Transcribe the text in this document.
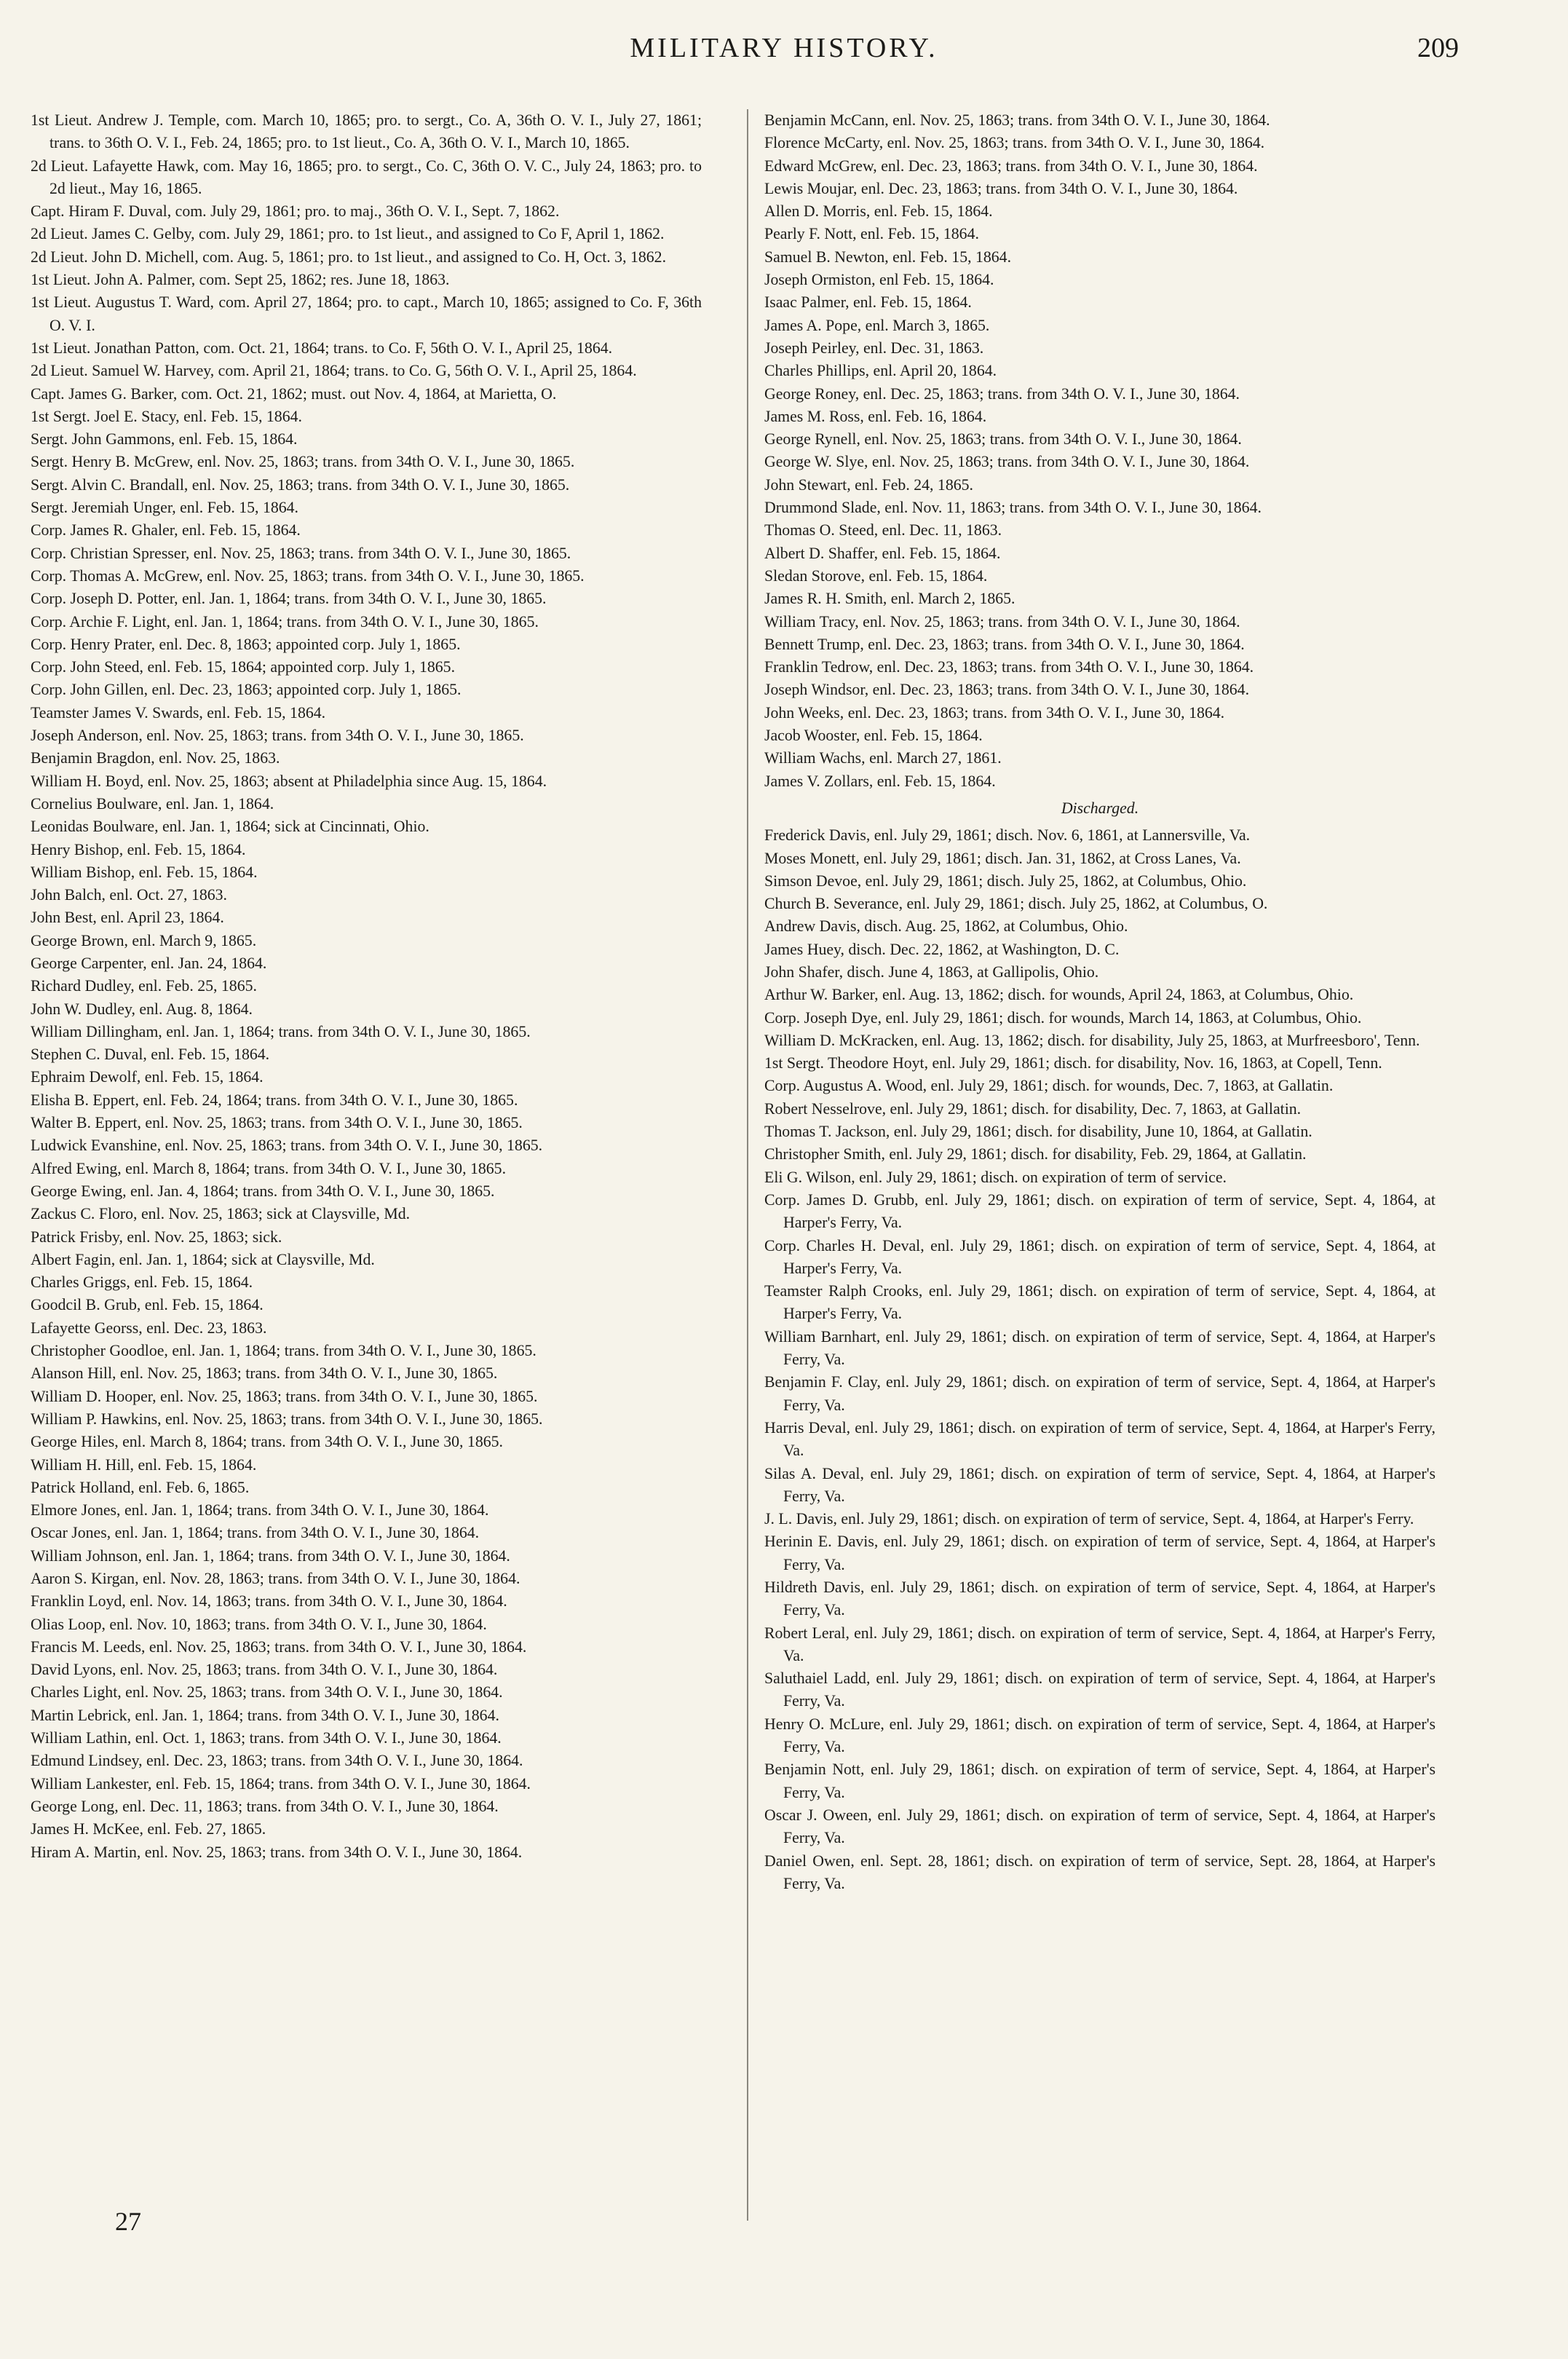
MILITARY HISTORY.	209
1st Lieut. Andrew J. Temple, com. March 10, 1865; pro. to sergt., Co. A, 36th O. V. I., July 27, 1861; trans. to 36th O. V. I., Feb. 24, 1865; pro. to 1st lieut., Co. A, 36th O. V. I., March 10, 1865.
2d Lieut. Lafayette Hawk, com. May 16, 1865; pro. to sergt., Co. C, 36th O. V. C., July 24, 1863; pro. to 2d lieut., May 16, 1865.
Capt. Hiram F. Duval, com. July 29, 1861; pro. to maj., 36th O. V. I., Sept. 7, 1862.
2d Lieut. James C. Gelby, com. July 29, 1861; pro. to 1st lieut., and assigned to Co F, April 1, 1862.
2d Lieut. John D. Michell, com. Aug. 5, 1861; pro. to 1st lieut., and assigned to Co. H, Oct. 3, 1862.
1st Lieut. John A. Palmer, com. Sept 25, 1862; res. June 18, 1863.
1st Lieut. Augustus T. Ward, com. April 27, 1864; pro. to capt., March 10, 1865; assigned to Co. F, 36th O. V. I.
1st Lieut. Jonathan Patton, com. Oct. 21, 1864; trans. to Co. F, 56th O. V. I., April 25, 1864.
2d Lieut. Samuel W. Harvey, com. April 21, 1864; trans. to Co. G, 56th O. V. I., April 25, 1864.
Capt. James G. Barker, com. Oct. 21, 1862; must. out Nov. 4, 1864, at Marietta, O.
1st Sergt. Joel E. Stacy, enl. Feb. 15, 1864.
Sergt. John Gammons, enl. Feb. 15, 1864.
Sergt. Henry B. McGrew, enl. Nov. 25, 1863; trans. from 34th O. V. I., June 30, 1865.
Sergt. Alvin C. Brandall, enl. Nov. 25, 1863; trans. from 34th O. V. I., June 30, 1865.
Sergt. Jeremiah Unger, enl. Feb. 15, 1864.
Corp. James R. Ghaler, enl. Feb. 15, 1864.
Corp. Christian Spresser, enl. Nov. 25, 1863; trans. from 34th O. V. I., June 30, 1865.
Corp. Thomas A. McGrew, enl. Nov. 25, 1863; trans. from 34th O. V. I., June 30, 1865.
Corp. Joseph D. Potter, enl. Jan. 1, 1864; trans. from 34th O. V. I., June 30, 1865.
Corp. Archie F. Light, enl. Jan. 1, 1864; trans. from 34th O. V. I., June 30, 1865.
Corp. Henry Prater, enl. Dec. 8, 1863; appointed corp. July 1, 1865.
Corp. John Steed, enl. Feb. 15, 1864; appointed corp. July 1, 1865.
Corp. John Gillen, enl. Dec. 23, 1863; appointed corp. July 1, 1865.
Teamster James V. Swards, enl. Feb. 15, 1864.
Joseph Anderson, enl. Nov. 25, 1863; trans. from 34th O. V. I., June 30, 1865.
Benjamin Bragdon, enl. Nov. 25, 1863.
William H. Boyd, enl. Nov. 25, 1863; absent at Philadelphia since Aug. 15, 1864.
Cornelius Boulware, enl. Jan. 1, 1864.
Leonidas Boulware, enl. Jan. 1, 1864; sick at Cincinnati, Ohio.
Henry Bishop, enl. Feb. 15, 1864.
William Bishop, enl. Feb. 15, 1864.
John Balch, enl. Oct. 27, 1863.
John Best, enl. April 23, 1864.
George Brown, enl. March 9, 1865.
George Carpenter, enl. Jan. 24, 1864.
Richard Dudley, enl. Feb. 25, 1865.
John W. Dudley, enl. Aug. 8, 1864.
William Dillingham, enl. Jan. 1, 1864; trans. from 34th O. V. I., June 30, 1865.
Stephen C. Duval, enl. Feb. 15, 1864.
Ephraim Dewolf, enl. Feb. 15, 1864.
Elisha B. Eppert, enl. Feb. 24, 1864; trans. from 34th O. V. I., June 30, 1865.
Walter B. Eppert, enl. Nov. 25, 1863; trans. from 34th O. V. I., June 30, 1865.
Ludwick Evanshine, enl. Nov. 25, 1863; trans. from 34th O. V. I., June 30, 1865.
Alfred Ewing, enl. March 8, 1864; trans. from 34th O. V. I., June 30, 1865.
George Ewing, enl. Jan. 4, 1864; trans. from 34th O. V. I., June 30, 1865.
Zackus C. Floro, enl. Nov. 25, 1863; sick at Claysville, Md.
Patrick Frisby, enl. Nov. 25, 1863; sick.
Albert Fagin, enl. Jan. 1, 1864; sick at Claysville, Md.
Charles Griggs, enl. Feb. 15, 1864.
Goodcil B. Grub, enl. Feb. 15, 1864.
Lafayette Georss, enl. Dec. 23, 1863.
Christopher Goodloe, enl. Jan. 1, 1864; trans. from 34th O. V. I., June 30, 1865.
Alanson Hill, enl. Nov. 25, 1863; trans. from 34th O. V. I., June 30, 1865.
William D. Hooper, enl. Nov. 25, 1863; trans. from 34th O. V. I., June 30, 1865.
William P. Hawkins, enl. Nov. 25, 1863; trans. from 34th O. V. I., June 30, 1865.
George Hiles, enl. March 8, 1864; trans. from 34th O. V. I., June 30, 1865.
William H. Hill, enl. Feb. 15, 1864.
Patrick Holland, enl. Feb. 6, 1865.
Elmore Jones, enl. Jan. 1, 1864; trans. from 34th O. V. I., June 30, 1864.
Oscar Jones, enl. Jan. 1, 1864; trans. from 34th O. V. I., June 30, 1864.
William Johnson, enl. Jan. 1, 1864; trans. from 34th O. V. I., June 30, 1864.
Aaron S. Kirgan, enl. Nov. 28, 1863; trans. from 34th O. V. I., June 30, 1864.
Franklin Loyd, enl. Nov. 14, 1863; trans. from 34th O. V. I., June 30, 1864.
Olias Loop, enl. Nov. 10, 1863; trans. from 34th O. V. I., June 30, 1864.
Francis M. Leeds, enl. Nov. 25, 1863; trans. from 34th O. V. I., June 30, 1864.
David Lyons, enl. Nov. 25, 1863; trans. from 34th O. V. I., June 30, 1864.
Charles Light, enl. Nov. 25, 1863; trans. from 34th O. V. I., June 30, 1864.
Martin Lebrick, enl. Jan. 1, 1864; trans. from 34th O. V. I., June 30, 1864.
William Lathin, enl. Oct. 1, 1863; trans. from 34th O. V. I., June 30, 1864.
Edmund Lindsey, enl. Dec. 23, 1863; trans. from 34th O. V. I., June 30, 1864.
William Lankester, enl. Feb. 15, 1864; trans. from 34th O. V. I., June 30, 1864.
George Long, enl. Dec. 11, 1863; trans. from 34th O. V. I., June 30, 1864.
James H. McKee, enl. Feb. 27, 1865.
Hiram A. Martin, enl. Nov. 25, 1863; trans. from 34th O. V. I., June 30, 1864.
Benjamin McCann, enl. Nov. 25, 1863; trans. from 34th O. V. I., June 30, 1864.
Florence McCarty, enl. Nov. 25, 1863; trans. from 34th O. V. I., June 30, 1864.
Edward McGrew, enl. Dec. 23, 1863; trans. from 34th O. V. I., June 30, 1864.
Lewis Moujar, enl. Dec. 23, 1863; trans. from 34th O. V. I., June 30, 1864.
Allen D. Morris, enl. Feb. 15, 1864.
Pearly F. Nott, enl. Feb. 15, 1864.
Samuel B. Newton, enl. Feb. 15, 1864.
Joseph Ormiston, enl Feb. 15, 1864.
Isaac Palmer, enl. Feb. 15, 1864.
James A. Pope, enl. March 3, 1865.
Joseph Peirley, enl. Dec. 31, 1863.
Charles Phillips, enl. April 20, 1864.
George Roney, enl. Dec. 25, 1863; trans. from 34th O. V. I., June 30, 1864.
James M. Ross, enl. Feb. 16, 1864.
George Rynell, enl. Nov. 25, 1863; trans. from 34th O. V. I., June 30, 1864.
George W. Slye, enl. Nov. 25, 1863; trans. from 34th O. V. I., June 30, 1864.
John Stewart, enl. Feb. 24, 1865.
Drummond Slade, enl. Nov. 11, 1863; trans. from 34th O. V. I., June 30, 1864.
Thomas O. Steed, enl. Dec. 11, 1863.
Albert D. Shaffer, enl. Feb. 15, 1864.
Sledan Storove, enl. Feb. 15, 1864.
James R. H. Smith, enl. March 2, 1865.
William Tracy, enl. Nov. 25, 1863; trans. from 34th O. V. I., June 30, 1864.
Bennett Trump, enl. Dec. 23, 1863; trans. from 34th O. V. I., June 30, 1864.
Franklin Tedrow, enl. Dec. 23, 1863; trans. from 34th O. V. I., June 30, 1864.
Joseph Windsor, enl. Dec. 23, 1863; trans. from 34th O. V. I., June 30, 1864.
John Weeks, enl. Dec. 23, 1863; trans. from 34th O. V. I., June 30, 1864.
Jacob Wooster, enl. Feb. 15, 1864.
William Wachs, enl. March 27, 1861.
James V. Zollars, enl. Feb. 15, 1864.
Discharged.
Frederick Davis, enl. July 29, 1861; disch. Nov. 6, 1861, at Lannersville, Va.
Moses Monett, enl. July 29, 1861; disch. Jan. 31, 1862, at Cross Lanes, Va.
Simson Devoe, enl. July 29, 1861; disch. July 25, 1862, at Columbus, Ohio.
Church B. Severance, enl. July 29, 1861; disch. July 25, 1862, at Columbus, O.
Andrew Davis, disch. Aug. 25, 1862, at Columbus, Ohio.
James Huey, disch. Dec. 22, 1862, at Washington, D. C.
John Shafer, disch. June 4, 1863, at Gallipolis, Ohio.
Arthur W. Barker, enl. Aug. 13, 1862; disch. for wounds, April 24, 1863, at Columbus, Ohio.
Corp. Joseph Dye, enl. July 29, 1861; disch. for wounds, March 14, 1863, at Columbus, Ohio.
William D. McKracken, enl. Aug. 13, 1862; disch. for disability, July 25, 1863, at Murfreesboro', Tenn.
1st Sergt. Theodore Hoyt, enl. July 29, 1861; disch. for disability, Nov. 16, 1863, at Copell, Tenn.
Corp. Augustus A. Wood, enl. July 29, 1861; disch. for wounds, Dec. 7, 1863, at Gallatin.
Robert Nesselrove, enl. July 29, 1861; disch. for disability, Dec. 7, 1863, at Gallatin.
Thomas T. Jackson, enl. July 29, 1861; disch. for disability, June 10, 1864, at Gallatin.
Christopher Smith, enl. July 29, 1861; disch. for disability, Feb. 29, 1864, at Gallatin.
Eli G. Wilson, enl. July 29, 1861; disch. on expiration of term of service.
Corp. James D. Grubb, enl. July 29, 1861; disch. on expiration of term of service, Sept. 4, 1864, at Harper's Ferry, Va.
Corp. Charles H. Deval, enl. July 29, 1861; disch. on expiration of term of service, Sept. 4, 1864, at Harper's Ferry, Va.
Teamster Ralph Crooks, enl. July 29, 1861; disch. on expiration of term of service, Sept. 4, 1864, at Harper's Ferry, Va.
William Barnhart, enl. July 29, 1861; disch. on expiration of term of service, Sept. 4, 1864, at Harper's Ferry, Va.
Benjamin F. Clay, enl. July 29, 1861; disch. on expiration of term of service, Sept. 4, 1864, at Harper's Ferry, Va.
Harris Deval, enl. July 29, 1861; disch. on expiration of term of service, Sept. 4, 1864, at Harper's Ferry, Va.
Silas A. Deval, enl. July 29, 1861; disch. on expiration of term of service, Sept. 4, 1864, at Harper's Ferry, Va.
J. L. Davis, enl. July 29, 1861; disch. on expiration of term of service, Sept. 4, 1864, at Harper's Ferry.
Herinin E. Davis, enl. July 29, 1861; disch. on expiration of term of service, Sept. 4, 1864, at Harper's Ferry, Va.
Hildreth Davis, enl. July 29, 1861; disch. on expiration of term of service, Sept. 4, 1864, at Harper's Ferry, Va.
Robert Leral, enl. July 29, 1861; disch. on expiration of term of service, Sept. 4, 1864, at Harper's Ferry, Va.
Saluthaiel Ladd, enl. July 29, 1861; disch. on expiration of term of service, Sept. 4, 1864, at Harper's Ferry, Va.
Henry O. McLure, enl. July 29, 1861; disch. on expiration of term of service, Sept. 4, 1864, at Harper's Ferry, Va.
Benjamin Nott, enl. July 29, 1861; disch. on expiration of term of service, Sept. 4, 1864, at Harper's Ferry, Va.
Oscar J. Oween, enl. July 29, 1861; disch. on expiration of term of service, Sept. 4, 1864, at Harper's Ferry, Va.
Daniel Owen, enl. Sept. 28, 1861; disch. on expiration of term of service, Sept. 28, 1864, at Harper's Ferry, Va.
27
